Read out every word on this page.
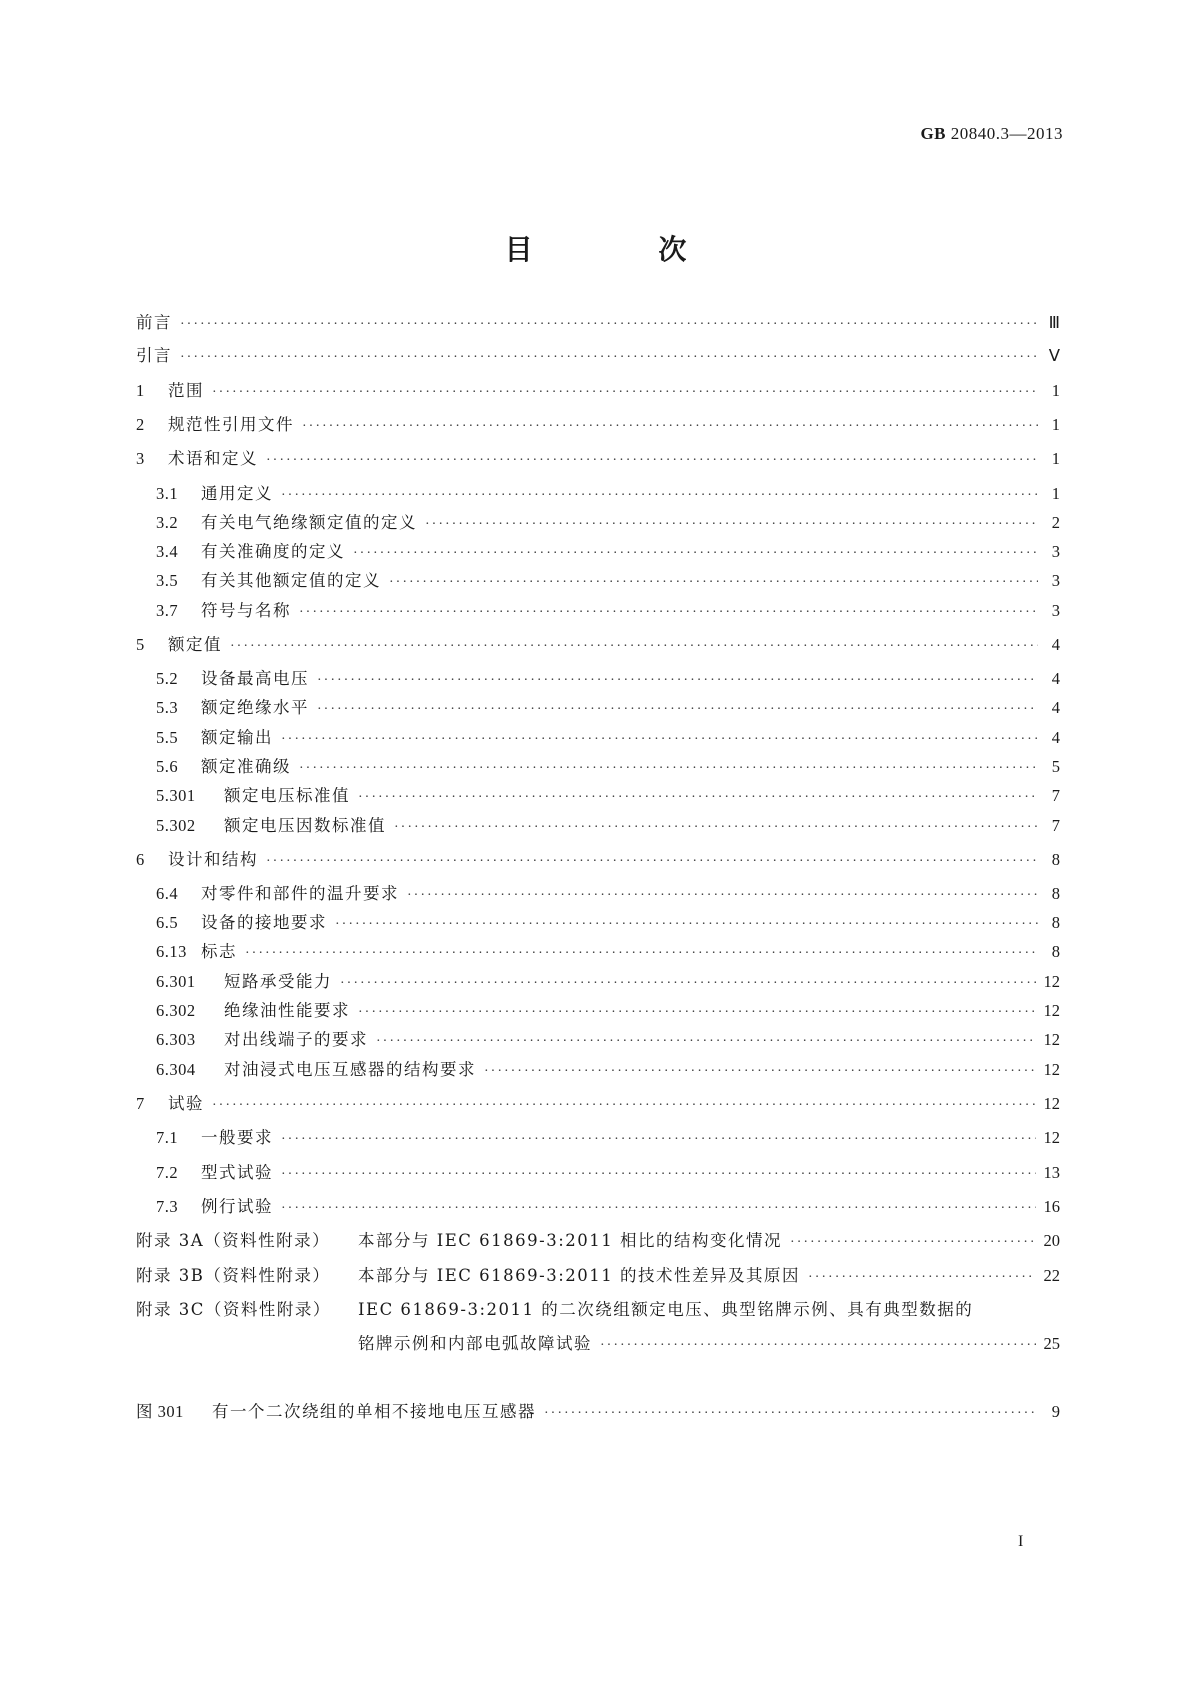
GB 20840.3—2013
目 次
前言 ·····	Ⅲ
引言 ·····	Ⅴ
1	范围 ·····	1
2	规范性引用文件 ·····	1
3	术语和定义 ·····	1
3.1	通用定义 ·····	1
3.2	有关电气绝缘额定值的定义 ·····	2
3.4	有关准确度的定义 ·····	3
3.5	有关其他额定值的定义 ·····	3
3.7	符号与名称 ·····	3
5	额定值 ·····	4
5.2	设备最高电压 ·····	4
5.3	额定绝缘水平 ·····	4
5.5	额定输出 ·····	4
5.6	额定准确级 ·····	5
5.301	额定电压标准值 ·····	7
5.302	额定电压因数标准值 ·····	7
6	设计和结构 ·····	8
6.4	对零件和部件的温升要求 ·····	8
6.5	设备的接地要求 ·····	8
6.13 标志 ·····	8
6.301	短路承受能力 ·····	12
6.302	绝缘油性能要求 ·····	12
6.303	对出线端子的要求 ·····	12
6.304	对油浸式电压互感器的结构要求 ·····	12
7	试验 ·····	12
7.1	一般要求 ·····	12
7.2	型式试验 ·····	13
7.3	例行试验 ·····	16
附录 3A（资料性附录）	本部分与 IEC 61869-3:2011 相比的结构变化情况 ·····	20
附录 3B（资料性附录）	本部分与 IEC 61869-3:2011 的技术性差异及其原因 ·····	22
附录 3C（资料性附录）	IEC 61869-3:2011 的二次绕组额定电压、典型铭牌示例、具有典型数据的
铭牌示例和内部电弧故障试验 ·····	25
图 301	有一个二次绕组的单相不接地电压互感器 ·····	9
I
